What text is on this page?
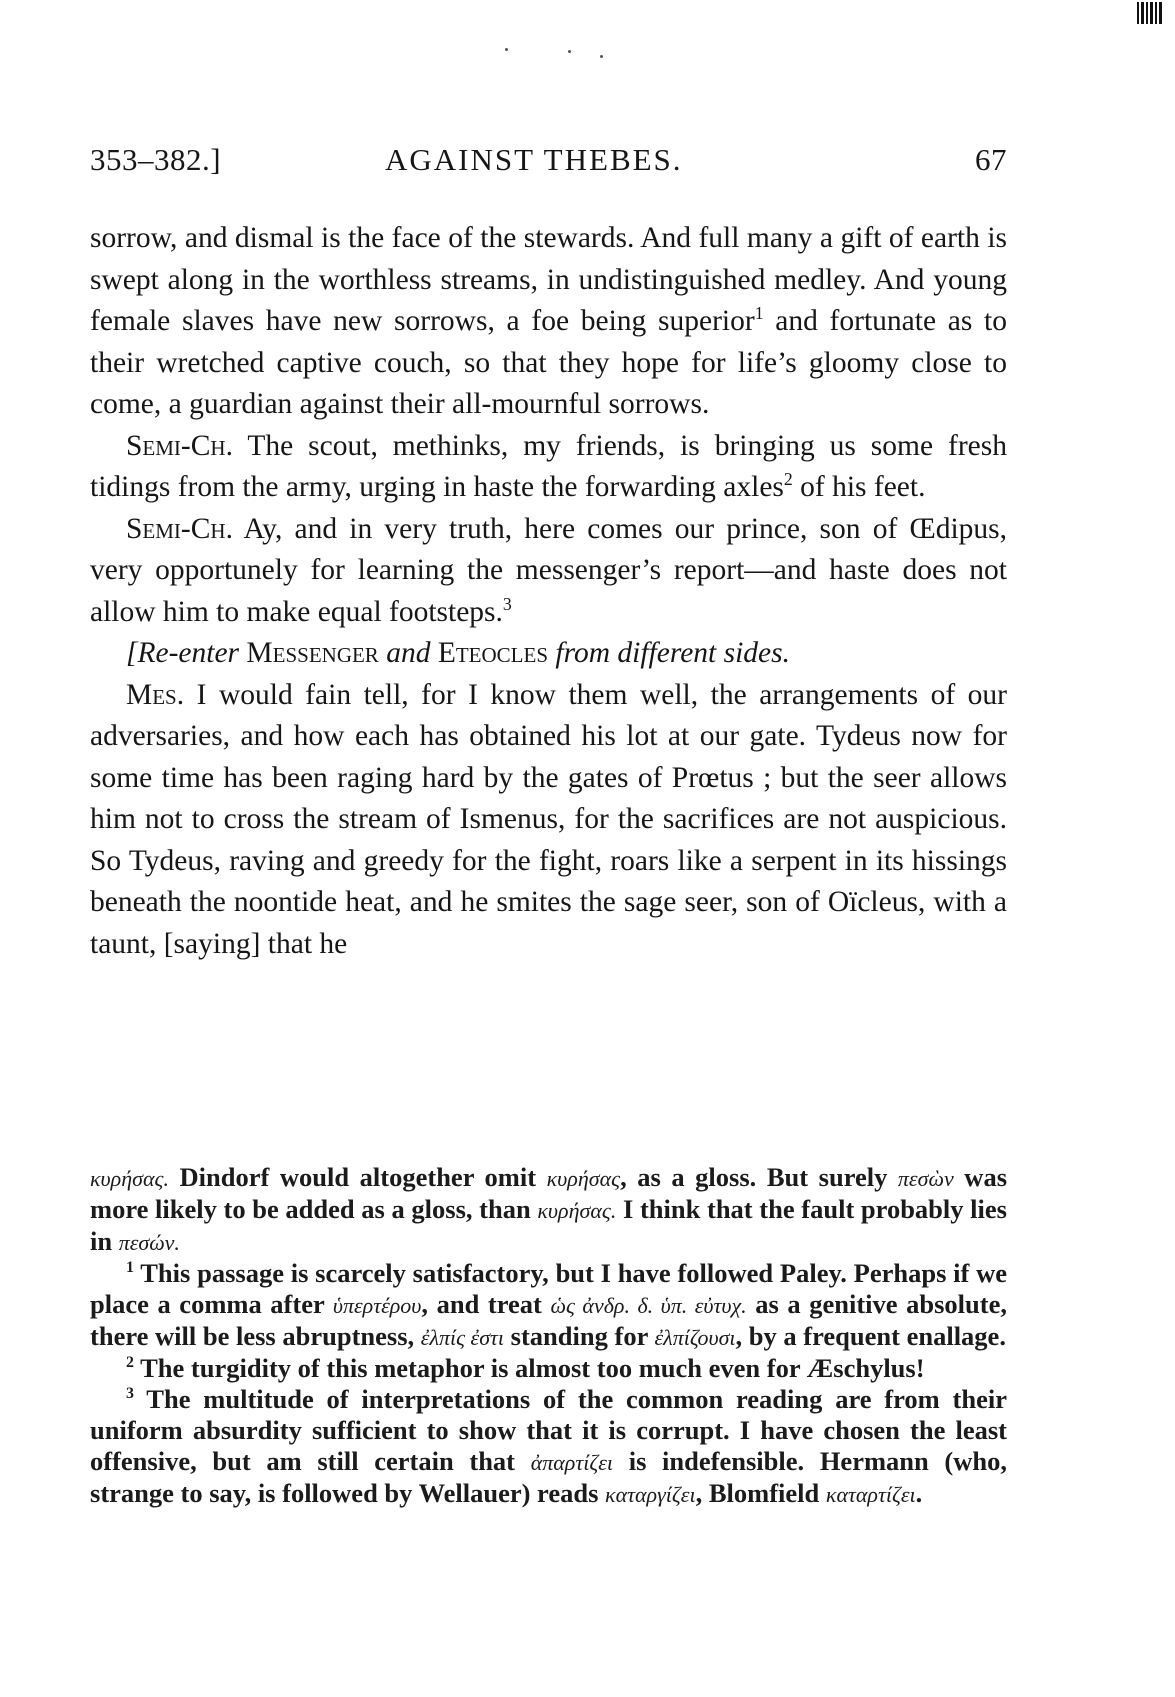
353–382.]	AGAINST THEBES.	67

sorrow, and dismal is the face of the stewards. And full many a gift of earth is swept along in the worthless streams, in undistinguished medley. And young female slaves have new sorrows, a foe being superior$^1$ and fortunate as to their wretched captive couch, so that they hope for life’s gloomy close to come, a guardian against their all-mournful sorrows.

Semi-Ch. The scout, methinks, my friends, is bringing us some fresh tidings from the army, urging in haste the forwarding axles$^2$ of his feet.

Semi-Ch. Ay, and in very truth, here comes our prince, son of Œdipus, very opportunely for learning the messenger’s report—and haste does not allow him to make equal footsteps.$^3$

[Re-enter Messenger and Eteocles from different sides.

Mes. I would fain tell, for I know them well, the arrangements of our adversaries, and how each has obtained his lot at our gate. Tydeus now for some time has been raging hard by the gates of Prœtus ; but the seer allows him not to cross the stream of Ismenus, for the sacrifices are not auspicious. So Tydeus, raving and greedy for the fight, roars like a serpent in its hissings beneath the noontide heat, and he smites the sage seer, son of Oïcleus, with a taunt, [saying] that he

κυρήσας. Dindorf would altogether omit κυρήσας, as a gloss. But surely πεσὼν was more likely to be added as a gloss, than κυρήσας. I think that the fault probably lies in πεσών.

$^1$ This passage is scarcely satisfactory, but I have followed Paley. Perhaps if we place a comma after ὑπερτέρου, and treat ὡς ἀνδρ. δ. ὑπ. εὐτυχ. as a genitive absolute, there will be less abruptness, ἐλπίς ἐστι standing for ἐλπίζουσι, by a frequent enallage.

$^2$ The turgidity of this metaphor is almost too much even for Æschylus!

$^3$ The multitude of interpretations of the common reading are from their uniform absurdity sufficient to show that it is corrupt. I have chosen the least offensive, but am still certain that ἀπαρτίζει is indefensible. Hermann (who, strange to say, is followed by Wellauer) reads καταργίζει, Blomfield καταρτίζει.
